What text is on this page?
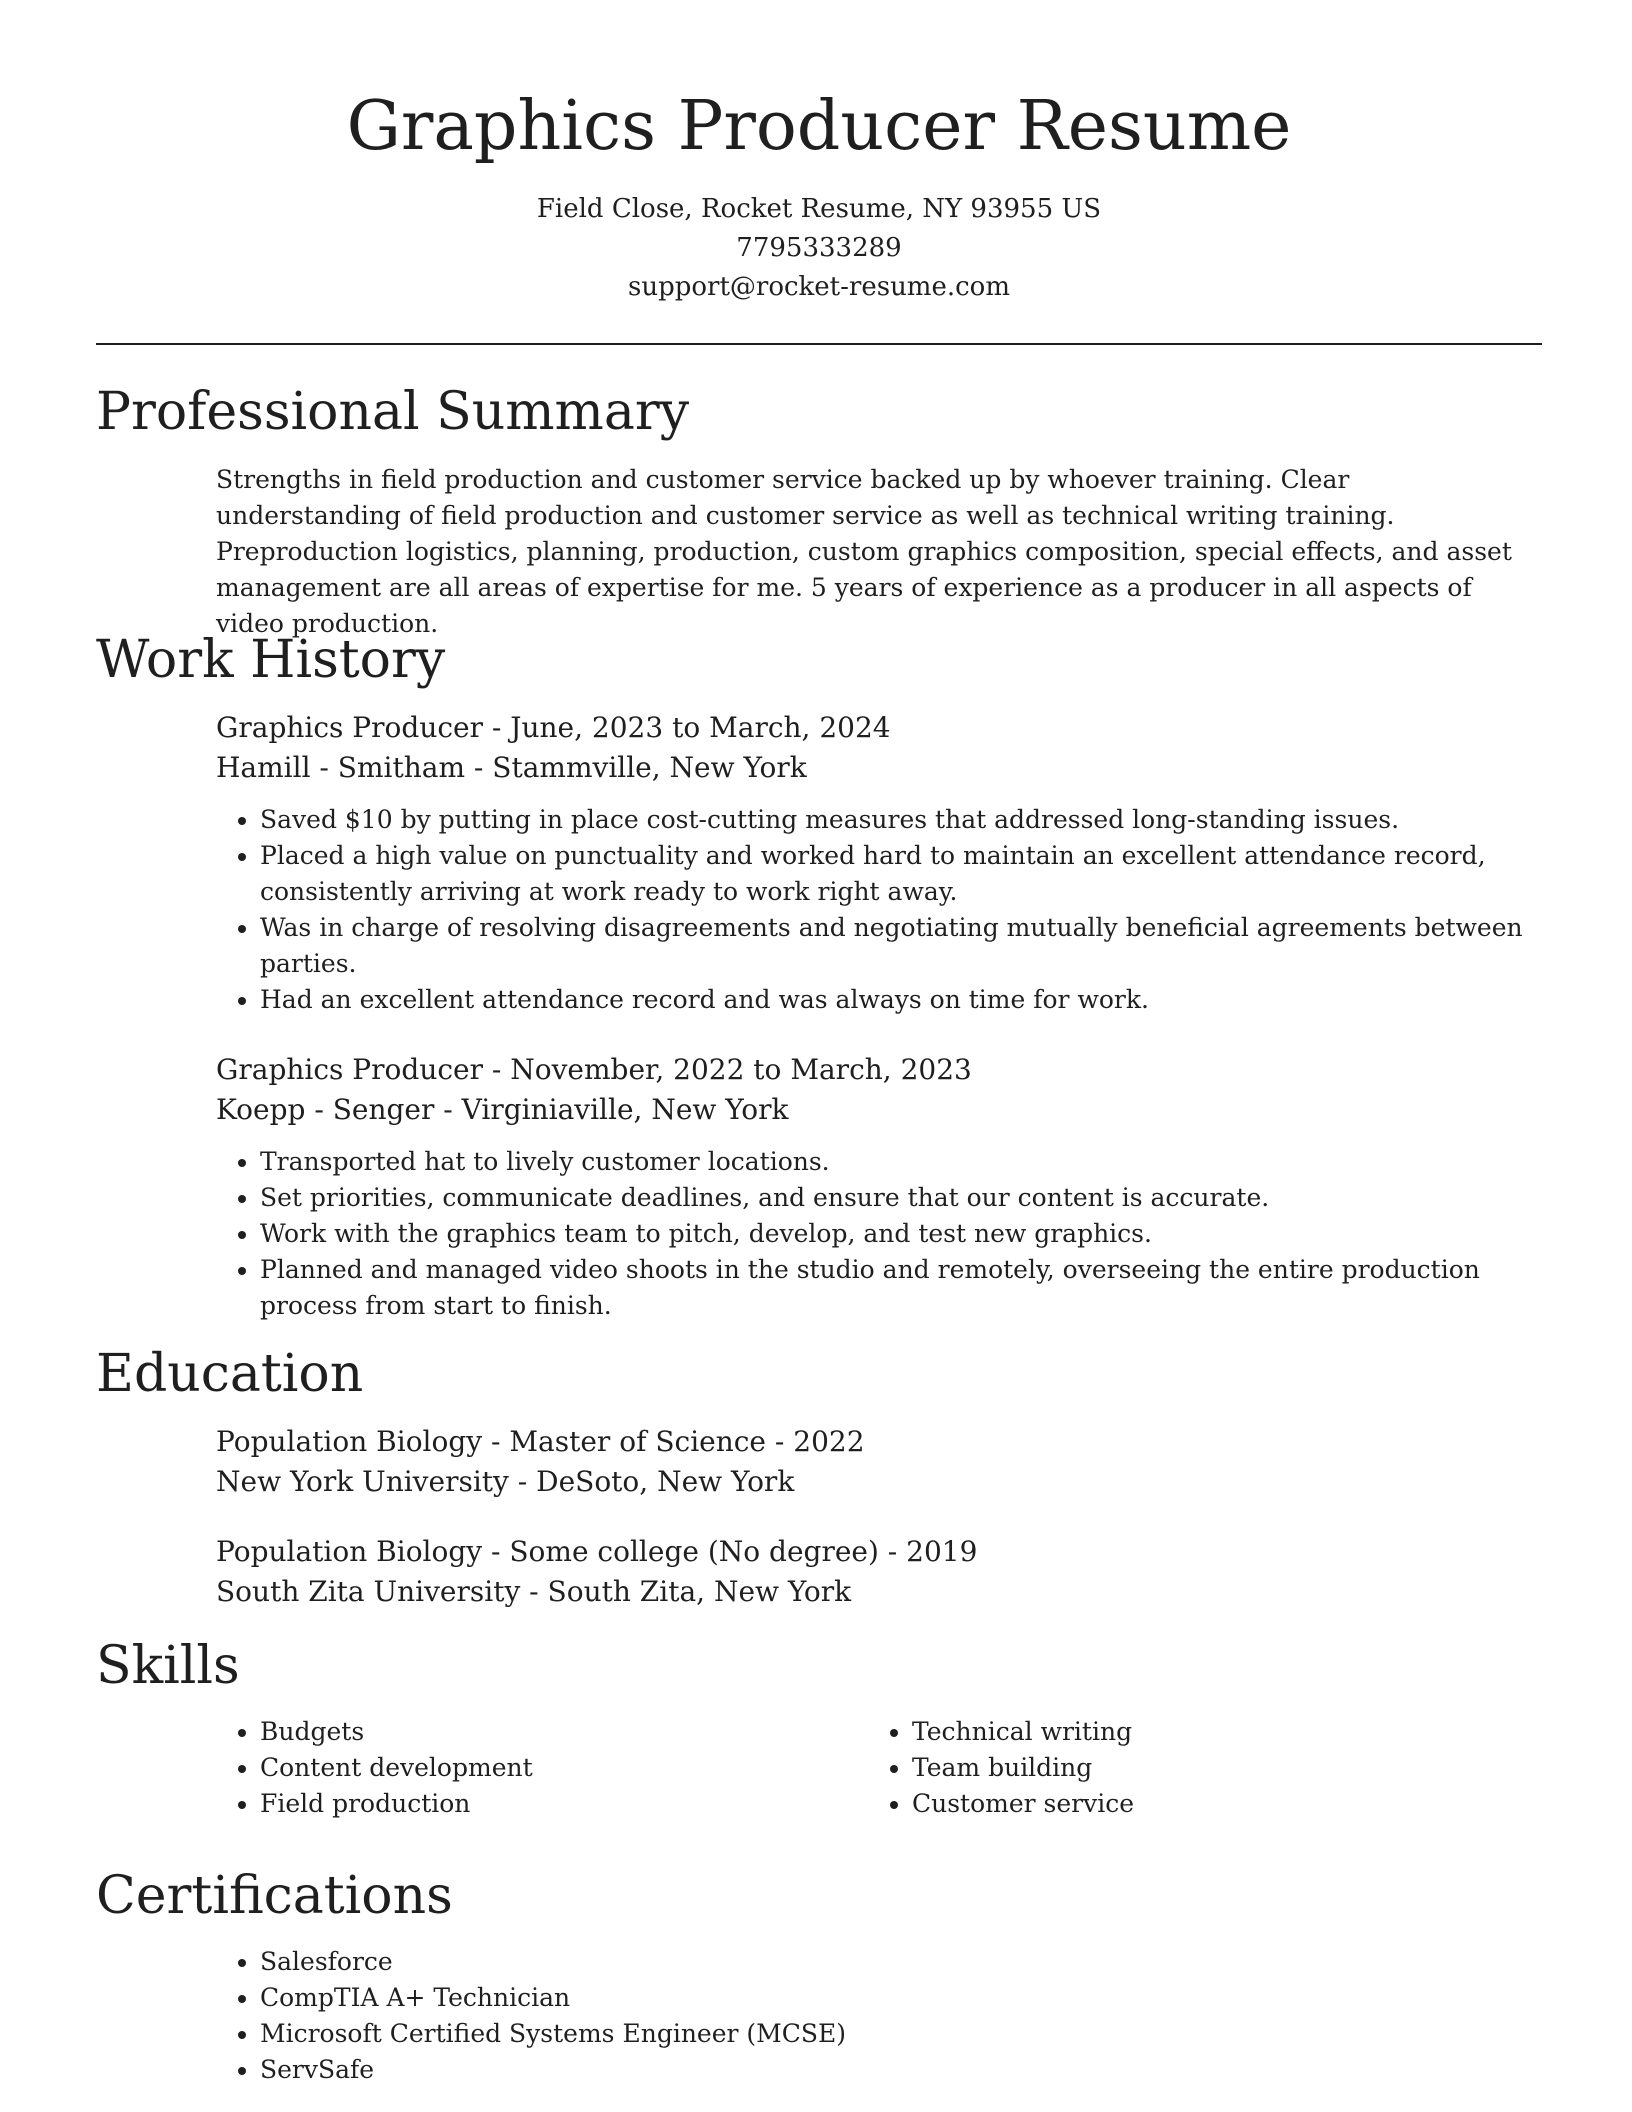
Graphics Producer Resume
Field Close, Rocket Resume, NY 93955 US
7795333289
support@rocket-resume.com
Professional Summary

Strengths in field production and customer service backed up by whoever training. Clear understanding of field production and customer service as well as technical writing training. Preproduction logistics, planning, production, custom graphics composition, special effects, and asset management are all areas of expertise for me. 5 years of experience as a producer in all aspects of video production.

Work History

Graphics Producer - June, 2023 to March, 2024

Hamill - Smitham - Stammville, New York

• Saved $10 by putting in place cost-cutting measures that addressed long-standing issues.
• Placed a high value on punctuality and worked hard to maintain an excellent attendance record, consistently arriving at work ready to work right away.
• Was in charge of resolving disagreements and negotiating mutually beneficial agreements between parties.
• Had an excellent attendance record and was always on time for work.

Graphics Producer - November, 2022 to March, 2023

Koepp - Senger - Virginiaville, New York

• Transported hat to lively customer locations.
• Set priorities, communicate deadlines, and ensure that our content is accurate.
• Work with the graphics team to pitch, develop, and test new graphics.
• Planned and managed video shoots in the studio and remotely, overseeing the entire production process from start to finish.
Education

Population Biology - Master of Science - 2022

New York University - DeSoto, New York

Population Biology - Some college (No degree) - 2019

South Zita University - South Zita, New York

Skills
• Budgets
• Content development
• Field production
• Technical writing
• Team building
• Customer service
Certifications
• Salesforce
• CompTIA A+ Technician
• Microsoft Certified Systems Engineer (MCSE)
• ServSafe
